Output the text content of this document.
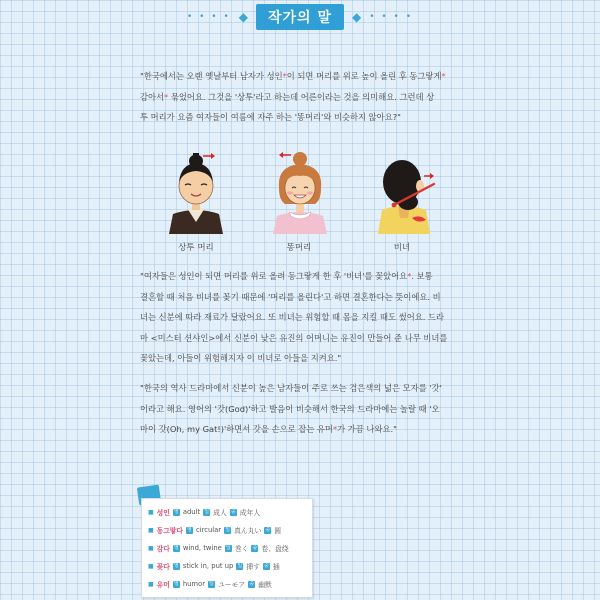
• • • • ◆	작가의 말	◆ • • • •
"한국에서는 오랜 옛날부터 남자가 성인*이 되면 머리를 위로 높이 올린 후 동그랗게*
감아서* 묶었어요. 그것을 '상투'라고 하는데 어른이라는 것을 의미해요. 그런데 상
투 머리가 요즘 여자들이 여름에 자주 하는 '똥머리'와 비슷하지 않아요?"
상투 머리	똥머리	비녀
"여자들은 성인이 되면 머리를 위로 올려 동그랗게 한 후 '비녀'를 꽂았어요*. 보통
결혼할 때 처음 비녀를 꽂기 때문에 '머리를 올린다'고 하면 결혼한다는 뜻이에요. 비
녀는 신분에 따라 재료가 달랐어요. 또 비녀는 위험할 때 몸을 지킬 때도 썼어요. 드라
마 <미스터 션샤인>에서 신분이 낮은 유진의 어머니는 유진이 만들어 준 나무 비녀를
꽂았는데, 아들이 위험해지자 이 비녀로 아들을 지켜요."
"한국의 역사 드라마에서 신분이 높은 남자들이 주로 쓰는 검은색의 넓은 모자를 '갓'
이라고 해요. 영어의 '갓(God)'하고 발음이 비슷해서 한국의 드라마에는 놀랄 때 '오
마이 갓(Oh, my Gat!)'하면서 갓을 손으로 잡는 유머*가 가끔 나와요."
■ 성인 영 adult 일 成人 중 成年人
■ 동그랗다 영 circular 일 真ん丸い 중 圆
■ 감다 영 wind, twine 일 巻く 중 卷、盘绕
■ 꽂다 영 stick in, put up 일 挿す 중 插
■ 유머 영 humor 일 ユーモア 중 幽默
